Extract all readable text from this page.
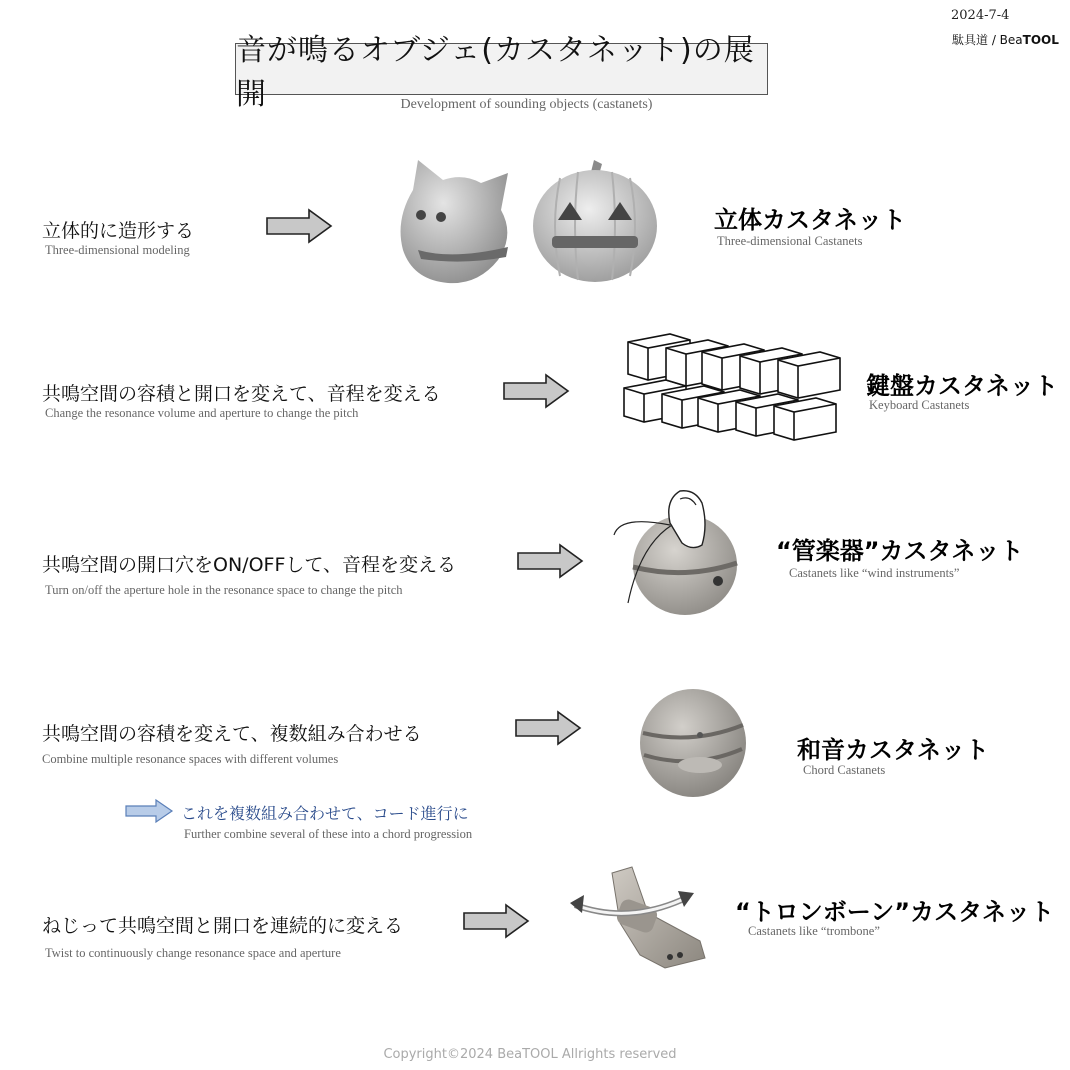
2024-7-4
駄具道 / BeaTOOL
音が鳴るオブジェ(カスタネット)の展開	Development of sounding objects (castanets)
立体的に造形する
Three-dimensional modeling
立体カスタネット
Three-dimensional Castanets
共鳴空間の容積と開口を変えて、音程を変える
Change the resonance volume and aperture to change the pitch
鍵盤カスタネット
Keyboard Castanets
共鳴空間の開口穴をON/OFFして、音程を変える
Turn on/off the aperture hole in the resonance space to change the pitch
“管楽器”カスタネット
Castanets like “wind instruments”
共鳴空間の容積を変えて、複数組み合わせる
Combine multiple resonance spaces with different volumes	和音カスタネット
Chord Castanets
これを複数組み合わせて、コード進行に
Further combine several of these into a chord progression
ねじって共鳴空間と開口を連続的に変える
Twist to continuously change resonance space and aperture
“トロンボーン”カスタネット
Castanets like “trombone”
Copyright©2024 BeaTOOL Allrights reserved
